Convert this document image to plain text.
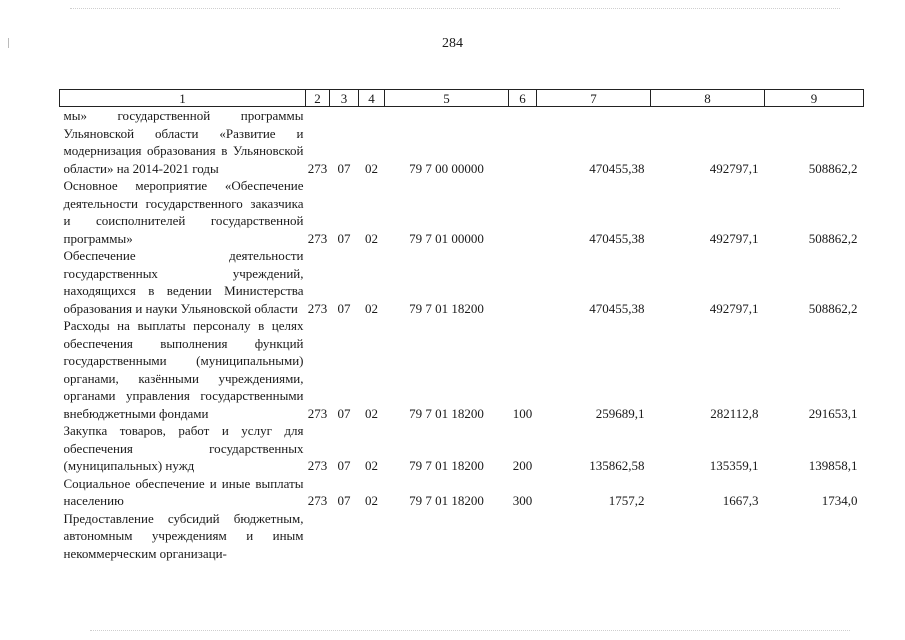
284
1	2	3	4	5	6	7	8	9
мы» государственной программы Ульяновской области «Развитие и модернизация образования в Ульяновской области» на 2014-2021 годы	273	07	02	79 7 00 00000		470455,38	492797,1	508862,2
Основное мероприятие «Обеспечение деятельности государственного заказчика и соисполнителей государственной программы»	273	07	02	79 7 01 00000		470455,38	492797,1	508862,2
Обеспечение деятельности государственных учреждений, находящихся в ведении Министерства образования и науки Ульяновской области	273	07	02	79 7 01 18200		470455,38	492797,1	508862,2
Расходы на выплаты персоналу в целях обеспечения выполнения функций государственными (муниципальными) органами, казёнными учреждениями, органами управления государственными внебюджетными фондами	273	07	02	79 7 01 18200	100	259689,1	282112,8	291653,1
Закупка товаров, работ и услуг для обеспечения государственных (муниципальных) нужд	273	07	02	79 7 01 18200	200	135862,58	135359,1	139858,1
Социальное обеспечение и иные выплаты населению	273	07	02	79 7 01 18200	300	1757,2	1667,3	1734,0
Предоставление субсидий бюджетным, автономным учреждениям и иным некоммерческим организаци-								
